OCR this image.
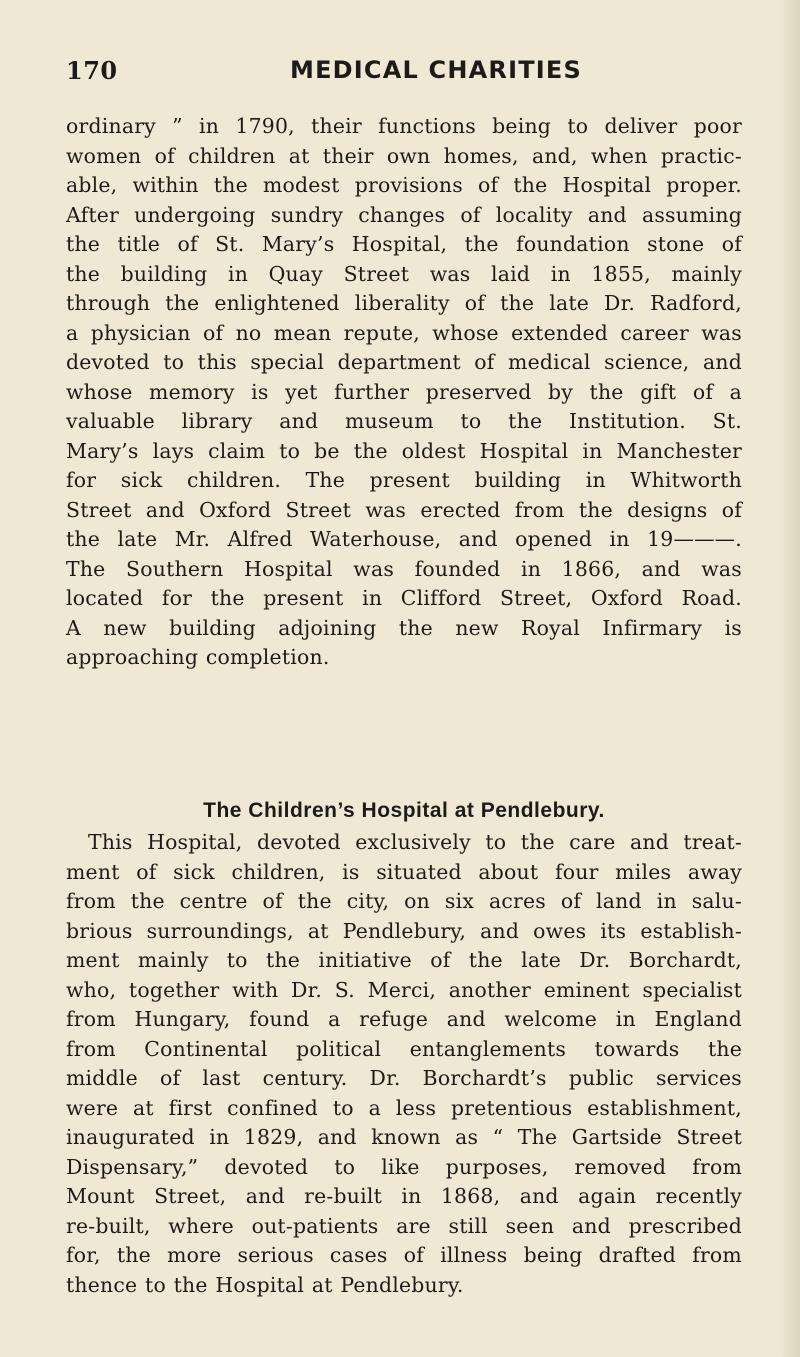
170	MEDICAL CHARITIES
ordinary ” in 1790, their functions being to deliver poor
women of children at their own homes, and, when practic-
able, within the modest provisions of the Hospital proper.
After undergoing sundry changes of locality and assuming
the title of St. Mary’s Hospital, the foundation stone of
the building in Quay Street was laid in 1855, mainly
through the enlightened liberality of the late Dr. Radford,
a physician of no mean repute, whose extended career was
devoted to this special department of medical science, and
whose memory is yet further preserved by the gift of a
valuable library and museum to the Institution. St.
Mary’s lays claim to be the oldest Hospital in Manchester
for sick children. The present building in Whitworth
Street and Oxford Street was erected from the designs of
the late Mr. Alfred Waterhouse, and opened in 19———.
The Southern Hospital was founded in 1866, and was
located for the present in Clifford Street, Oxford Road.
A new building adjoining the new Royal Infirmary is
approaching completion.
The Children’s Hospital at Pendlebury.
This Hospital, devoted exclusively to the care and treat-
ment of sick children, is situated about four miles away
from the centre of the city, on six acres of land in salu-
brious surroundings, at Pendlebury, and owes its establish-
ment mainly to the initiative of the late Dr. Borchardt,
who, together with Dr. S. Merci, another eminent specialist
from Hungary, found a refuge and welcome in England
from Continental political entanglements towards the
middle of last century. Dr. Borchardt’s public services
were at first confined to a less pretentious establishment,
inaugurated in 1829, and known as “ The Gartside Street
Dispensary,” devoted to like purposes, removed from
Mount Street, and re-built in 1868, and again recently
re-built, where out-patients are still seen and prescribed
for, the more serious cases of illness being drafted from
thence to the Hospital at Pendlebury.
